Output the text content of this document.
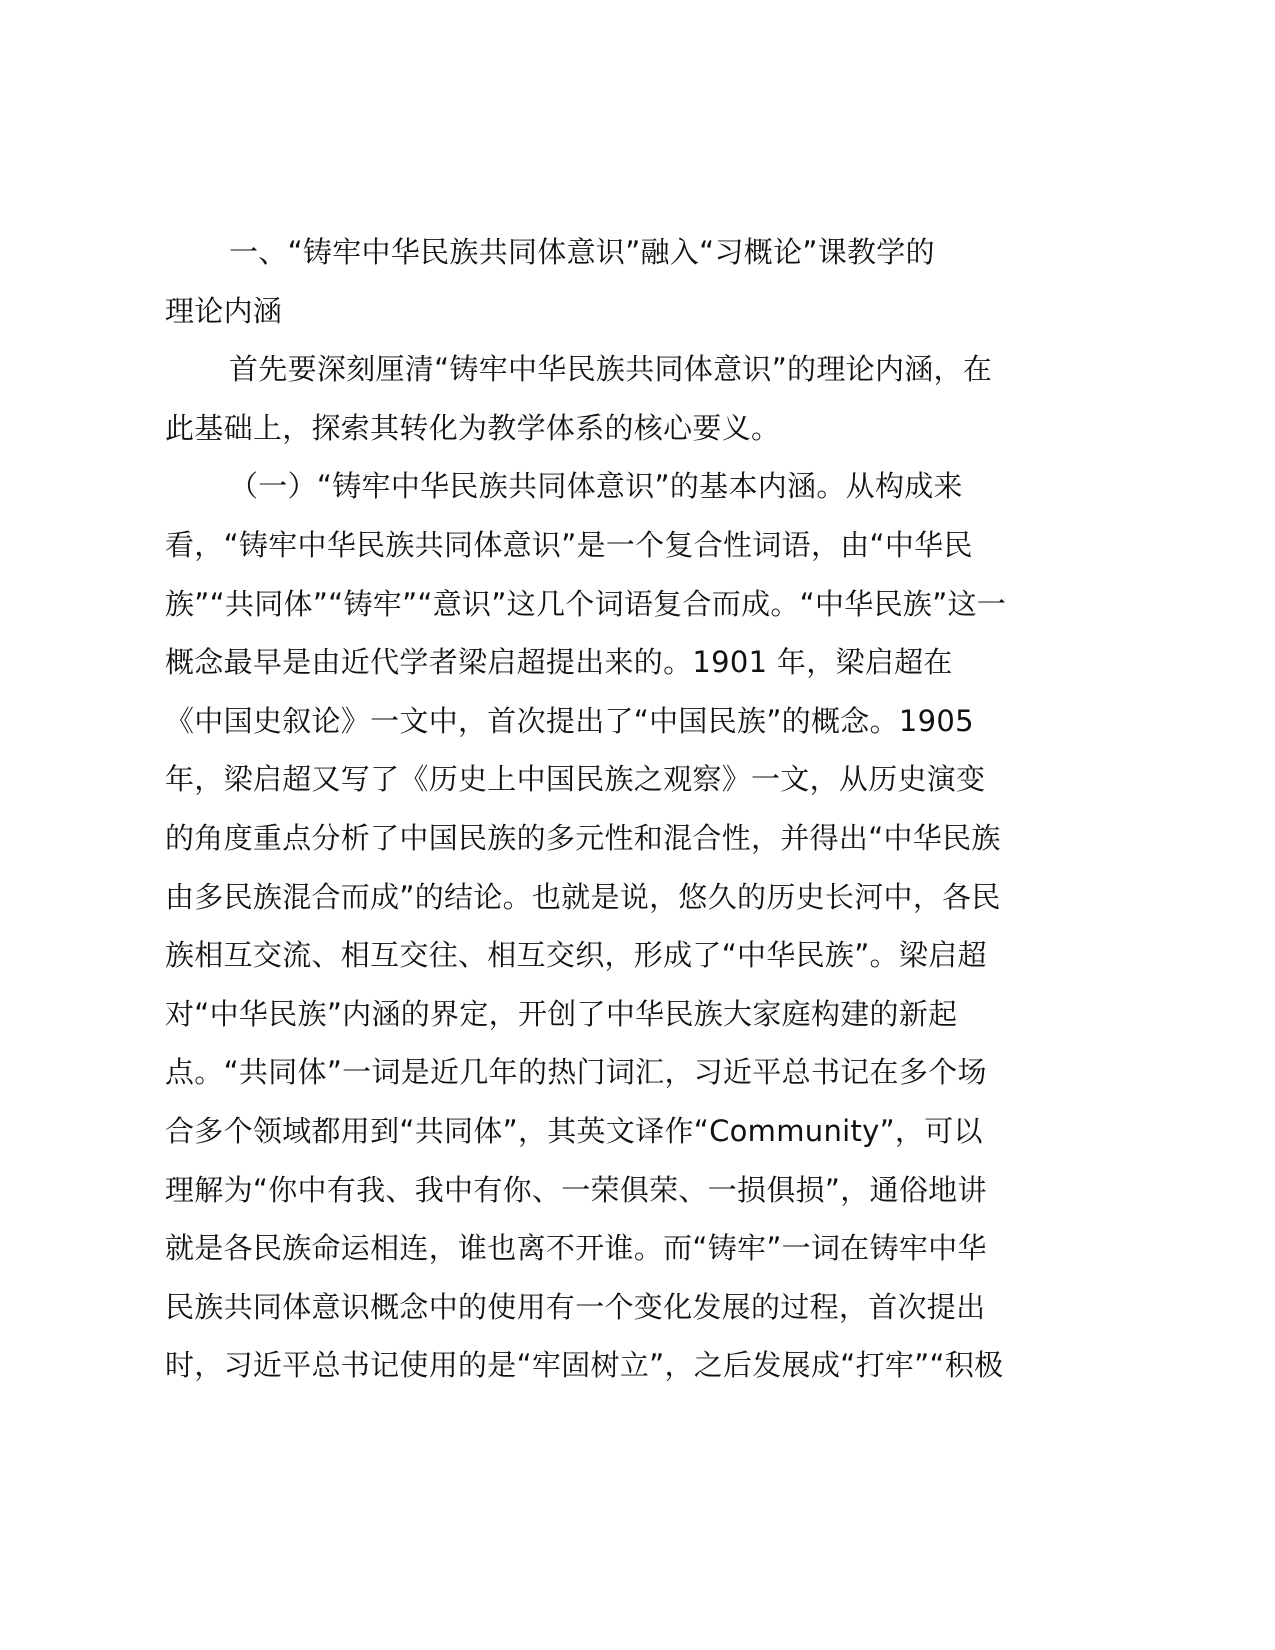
一、“铸牢中华民族共同体意识”融入“习概论”课教学的
理论内涵
首先要深刻厘清“铸牢中华民族共同体意识”的理论内涵，在
此基础上，探索其转化为教学体系的核心要义。
（一）“铸牢中华民族共同体意识”的基本内涵。从构成来
看，“铸牢中华民族共同体意识”是一个复合性词语，由“中华民
族”“共同体”“铸牢”“意识”这几个词语复合而成。“中华民族”这一
概念最早是由近代学者梁启超提出来的。1901 年，梁启超在
《中国史叙论》一文中，首次提出了“中国民族”的概念。1905
年，梁启超又写了《历史上中国民族之观察》一文，从历史演变
的角度重点分析了中国民族的多元性和混合性，并得出“中华民族
由多民族混合而成”的结论。也就是说，悠久的历史长河中，各民
族相互交流、相互交往、相互交织，形成了“中华民族”。梁启超
对“中华民族”内涵的界定，开创了中华民族大家庭构建的新起
点。“共同体”一词是近几年的热门词汇，习近平总书记在多个场
合多个领域都用到“共同体”，其英文译作“Community”，可以
理解为“你中有我、我中有你、一荣俱荣、一损俱损”，通俗地讲
就是各民族命运相连，谁也离不开谁。而“铸牢”一词在铸牢中华
民族共同体意识概念中的使用有一个变化发展的过程，首次提出
时，习近平总书记使用的是“牢固树立”，之后发展成“打牢”“积极
